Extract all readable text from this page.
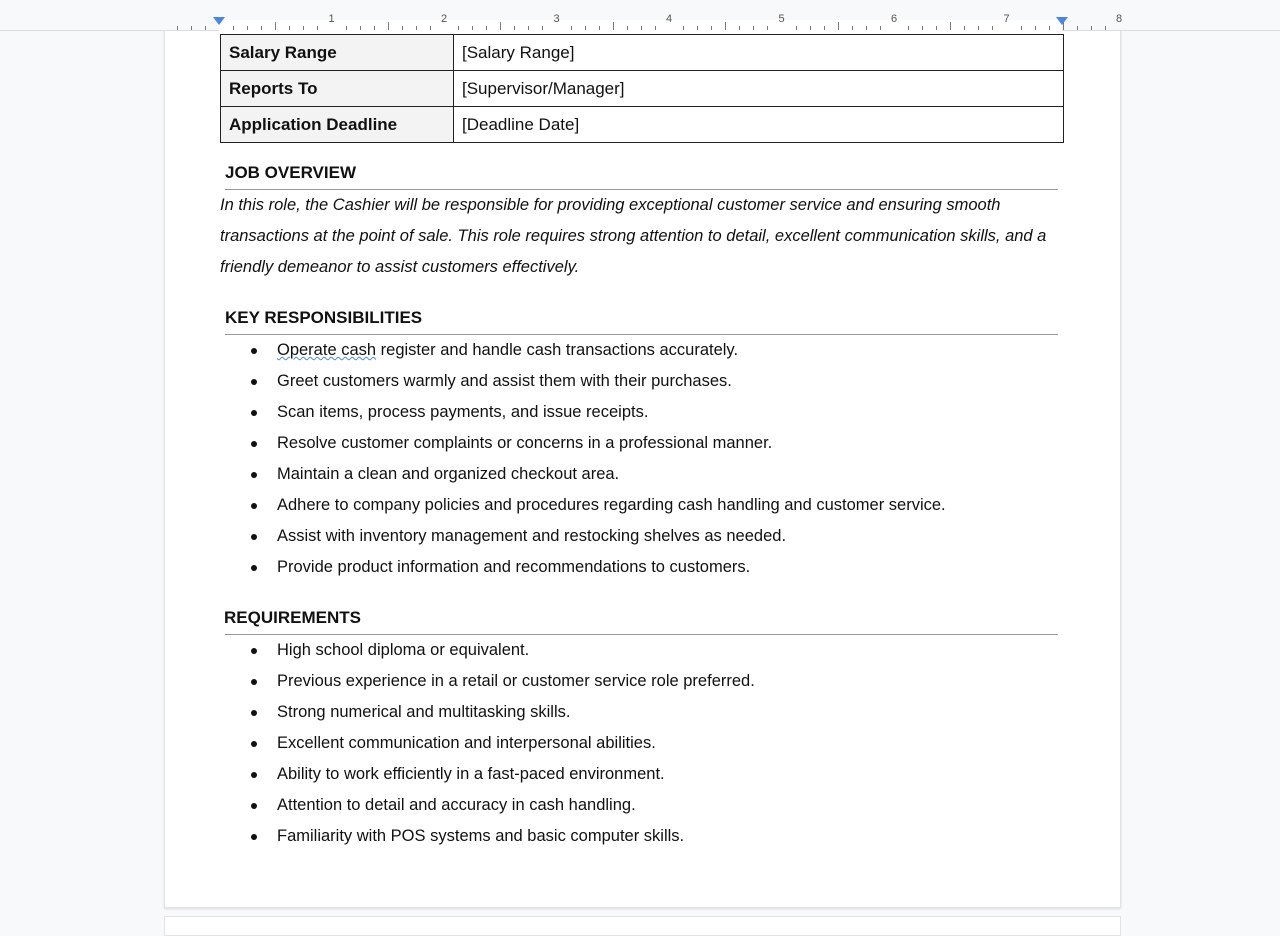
Salary Range	[Salary Range]
Reports To	[Supervisor/Manager]
Application Deadline	[Deadline Date]
1	2	3	4	5	6	7	8
JOB OVERVIEW
In this role, the Cashier will be responsible for providing exceptional customer service and ensuring smooth transactions at the point of sale. This role requires strong attention to detail, excellent communication skills, and a friendly demeanor to assist customers effectively.
KEY RESPONSIBILITIES
Operate cash register and handle cash transactions accurately.
Greet customers warmly and assist them with their purchases.
Scan items, process payments, and issue receipts.
Resolve customer complaints or concerns in a professional manner.
Maintain a clean and organized checkout area.
Adhere to company policies and procedures regarding cash handling and customer service.
Assist with inventory management and restocking shelves as needed.
Provide product information and recommendations to customers.
REQUIREMENTS
High school diploma or equivalent.
Previous experience in a retail or customer service role preferred.
Strong numerical and multitasking skills.
Excellent communication and interpersonal abilities.
Ability to work efficiently in a fast-paced environment.
Attention to detail and accuracy in cash handling.
Familiarity with POS systems and basic computer skills.
